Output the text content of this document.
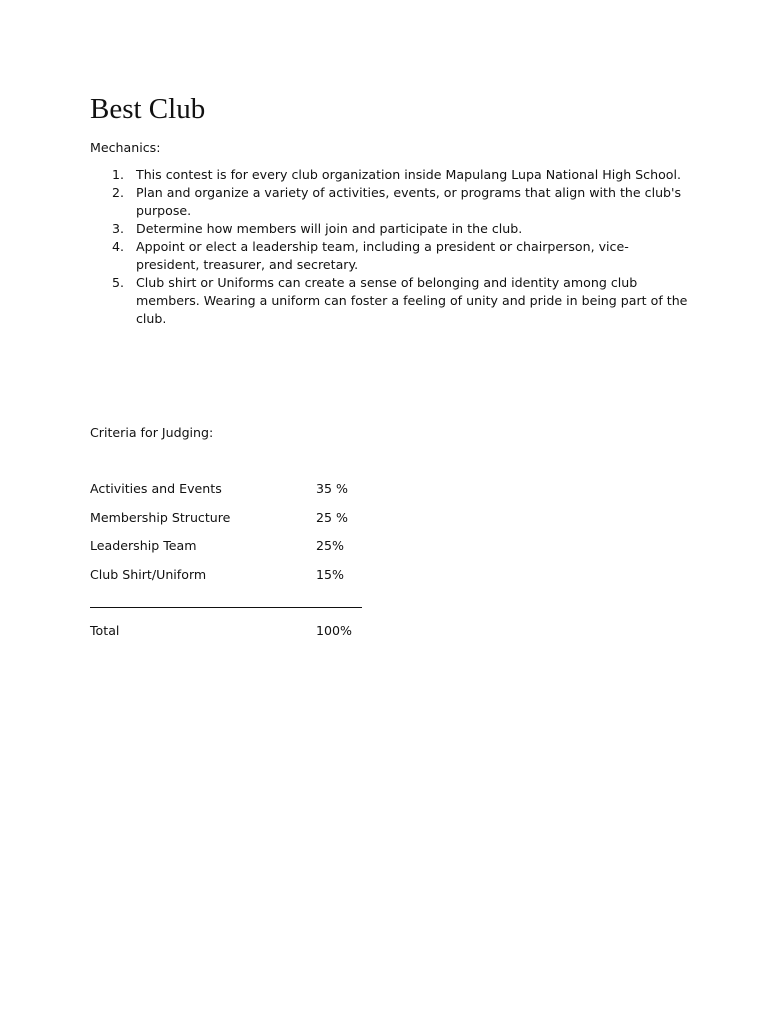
Best Club
Mechanics:
1. This contest is for every club organization inside Mapulang Lupa National High School.
2. Plan and organize a variety of activities, events, or programs that align with the club's purpose.
3. Determine how members will join and participate in the club.
4. Appoint or elect a leadership team, including a president or chairperson, vice-president, treasurer, and secretary.
5. Club shirt or Uniforms can create a sense of belonging and identity among club members. Wearing a uniform can foster a feeling of unity and pride in being part of the club.
Criteria for Judging:
Activities and Events	35 %
Membership Structure	25 %
Leadership Team	25%
Club Shirt/Uniform	15%
Total	100%
